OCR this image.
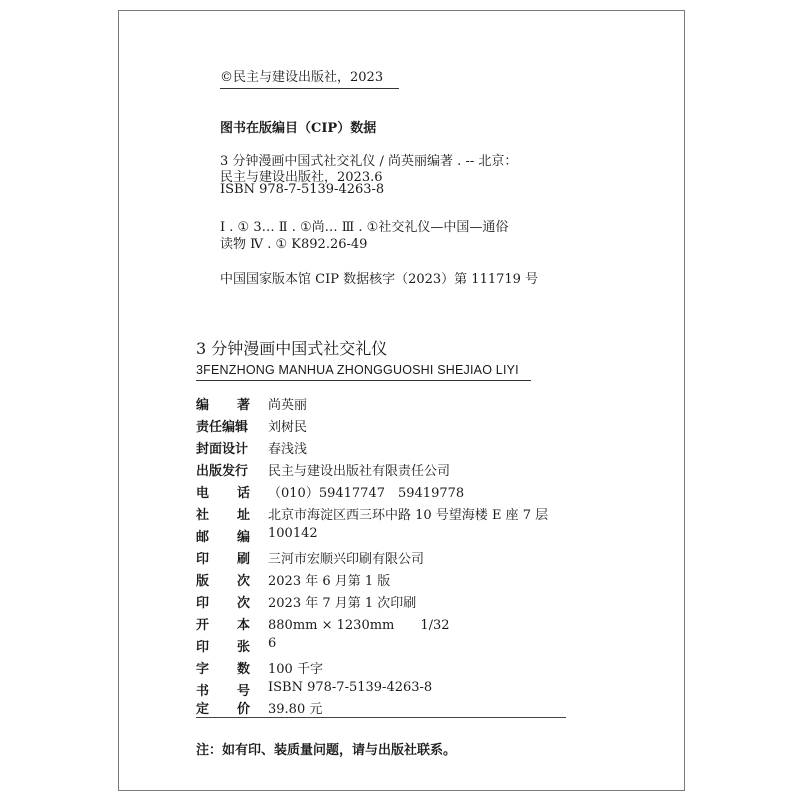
©民主与建设出版社，2023
图书在版编目（CIP）数据
3 分钟漫画中国式社交礼仪 / 尚英丽编著 . -- 北京：
民主与建设出版社，2023.6
ISBN 978-7-5139-4263-8
Ⅰ . ① 3… Ⅱ . ①尚… Ⅲ . ①社交礼仪—中国—通俗
读物 Ⅳ . ① K892.26-49
中国国家版本馆 CIP 数据核字（2023）第 111719 号
3 分钟漫画中国式社交礼仪
3FENZHONG MANHUA ZHONGGUOSHI SHEJIAO LIYI
编 著 尚英丽
责任编辑	刘树民
封面设计	春浅浅
出版发行	民主与建设出版社有限责任公司
电 话 （010）59417747　59419778
社 址 北京市海淀区西三环中路 10 号望海楼 E 座 7 层
邮 编 100142
印 刷 三河市宏顺兴印刷有限公司
版 次 2023 年 6 月第 1 版
印 次 2023 年 7 月第 1 次印刷
开 本 880mm × 1230mm　　1/32
印 张 6
字 数 100 千字
书 号 ISBN 978-7-5139-4263-8
定 价 39.80 元
注：如有印、装质量问题，请与出版社联系。
